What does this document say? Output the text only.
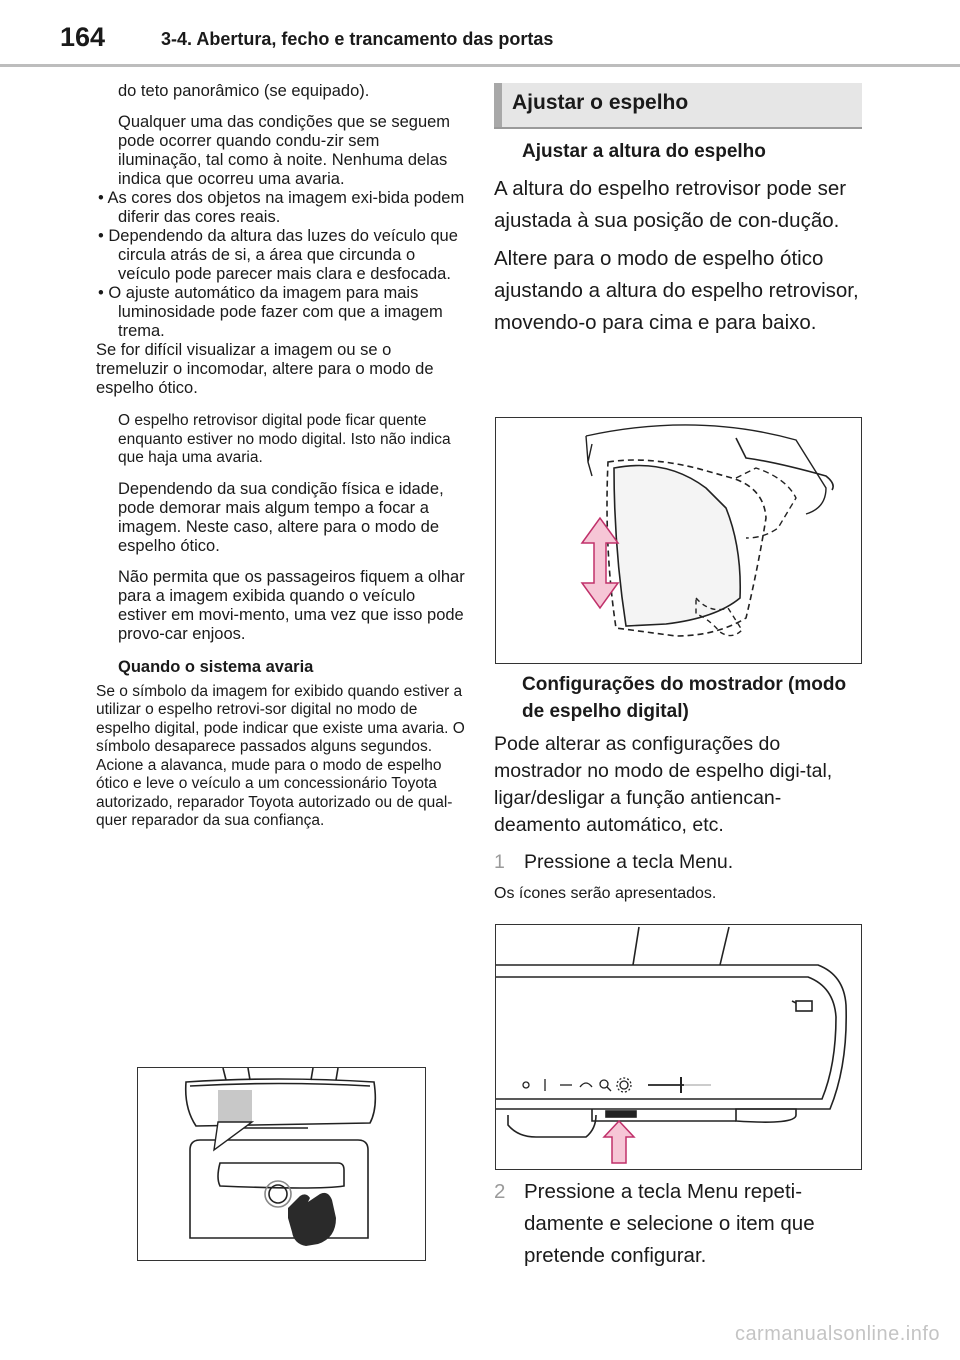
164	3-4. Abertura, fecho e trancamento das portas

do teto panorâmico (se equipado).

Qualquer uma das condições que se seguem pode ocorrer quando condu-zir sem iluminação, tal como à noite. Nenhuma delas indica que ocorreu uma avaria.

• As cores dos objetos na imagem exi-bida podem diferir das cores reais.

• Dependendo da altura das luzes do veículo que circula atrás de si, a área que circunda o veículo pode parecer mais clara e desfocada.

• O ajuste automático da imagem para mais luminosidade pode fazer com que a imagem trema.

Se for difícil visualizar a imagem ou se o tremeluzir o incomodar, altere para o modo de espelho ótico.

O espelho retrovisor digital pode ficar quente enquanto estiver no modo digital. Isto não indica que haja uma avaria.

Dependendo da sua condição física e idade, pode demorar mais algum tempo a focar a imagem. Neste caso, altere para o modo de espelho ótico.

Não permita que os passageiros fiquem a olhar para a imagem exibida quando o veículo estiver em movi-mento, uma vez que isso pode provo-car enjoos.

Quando o sistema avaria

Se o símbolo da imagem for exibido quando estiver a utilizar o espelho retrovi-sor digital no modo de espelho digital, pode indicar que existe uma avaria. O símbolo desaparece passados alguns segundos. Acione a alavanca, mude para o modo de espelho ótico e leve o veículo a um concessionário Toyota autorizado, reparador Toyota autorizado ou de qual-quer reparador da sua confiança.

Ajustar o espelho

Ajustar a altura do espelho

A altura do espelho retrovisor pode ser ajustada à sua posição de con-dução.

Altere para o modo de espelho ótico ajustando a altura do espelho retrovisor, movendo-o para cima e para baixo.

Configurações do mostrador (modo de espelho digital)

Pode alterar as configurações do mostrador no modo de espelho digi-tal, ligar/desligar a função antiencan-deamento automático, etc.

1 Pressione a tecla Menu.

Os ícones serão apresentados.

2 Pressione a tecla Menu repeti-damente e selecione o item que pretende configurar.

carmanualsonline.info
